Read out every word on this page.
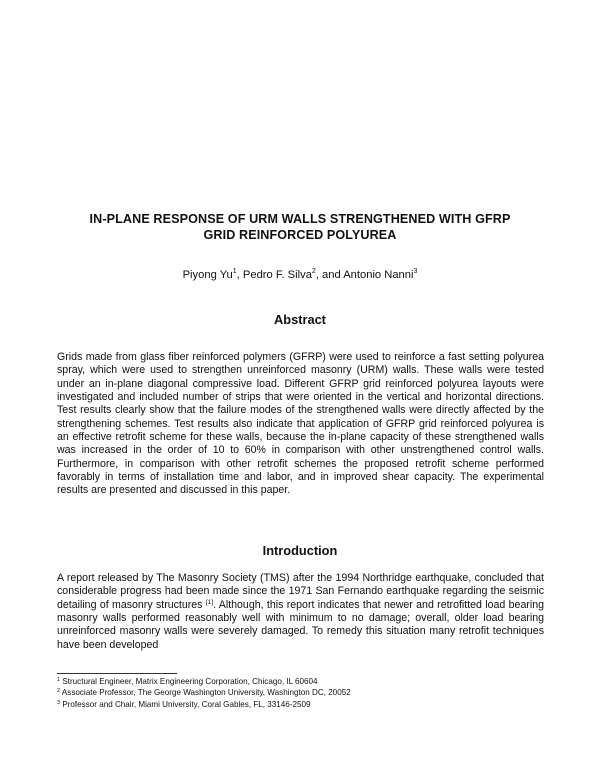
IN-PLANE RESPONSE OF URM WALLS STRENGTHENED WITH GFRP
GRID REINFORCED POLYUREA
Piyong Yu$^1$, Pedro F. Silva$^2$, and Antonio Nanni$^3$
Abstract
Grids made from glass fiber reinforced polymers (GFRP) were used to reinforce a fast setting polyurea spray, which were used to strengthen unreinforced masonry (URM) walls. These walls were tested under an in-plane diagonal compressive load. Different GFRP grid reinforced polyurea layouts were investigated and included number of strips that were oriented in the vertical and horizontal directions. Test results clearly show that the failure modes of the strengthened walls were directly affected by the strengthening schemes. Test results also indicate that application of GFRP grid reinforced polyurea is an effective retrofit scheme for these walls, because the in-plane capacity of these strengthened walls was increased in the order of 10 to 60% in comparison with other unstrengthened control walls. Furthermore, in comparison with other retrofit schemes the proposed retrofit scheme performed favorably in terms of installation time and labor, and in improved shear capacity. The experimental results are presented and discussed in this paper.
Introduction
A report released by The Masonry Society (TMS) after the 1994 Northridge earthquake, concluded that considerable progress had been made since the 1971 San Fernando earthquake regarding the seismic detailing of masonry structures [1]. Although, this report indicates that newer and retrofitted load bearing masonry walls performed reasonably well with minimum to no damage; overall, older load bearing unreinforced masonry walls were severely damaged. To remedy this situation many retrofit techniques have been developed
$^1$ Structural Engineer, Matrix Engineering Corporation, Chicago, IL 60604
$^2$ Associate Professor, The George Washington University, Washington DC, 20052
$^3$ Professor and Chair, Miami University, Coral Gables, FL, 33146-2509
